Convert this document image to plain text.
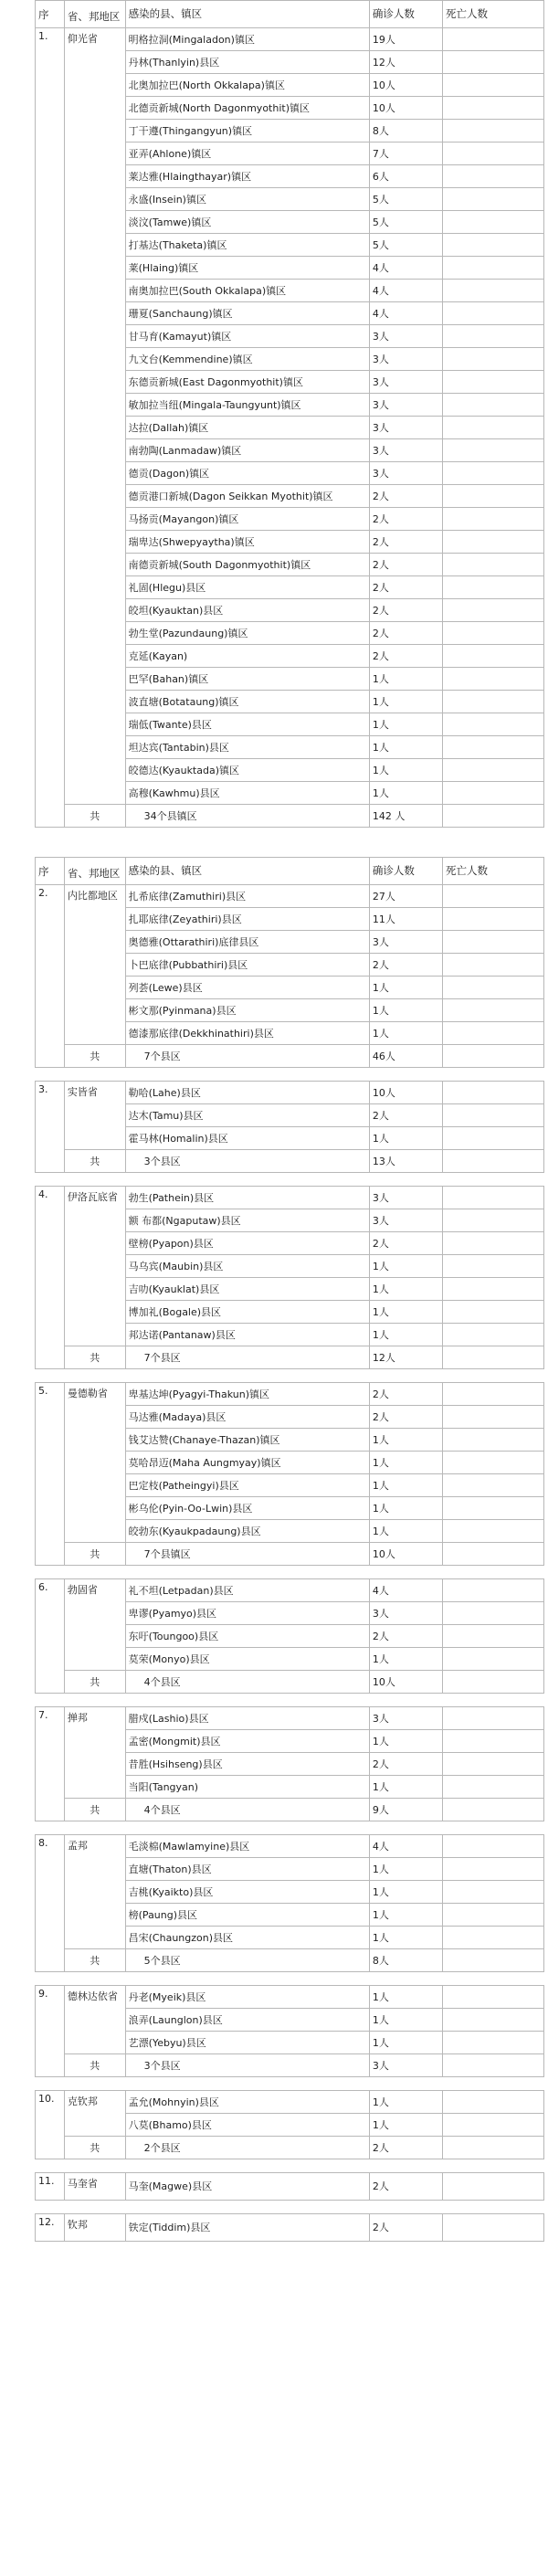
序	省、邦地区	感染的县、镇区	确诊人数	死亡人数
1.	仰光省	明格拉洞(Mingaladon)镇区	19人	
		丹林(Thanlyin)县区	12人	
		北奥加拉巴(North Okkalapa)镇区	10人	
		北德贡新城(North Dagonmyothit)镇区	10人	
		丁干遵(Thingangyun)镇区	8人	
		亚弄(Ahlone)镇区	7人	
		莱达雅(Hlaingthayar)镇区	6人	
		永盛(Insein)镇区	5人	
		淡汶(Tamwe)镇区	5人	
		打基达(Thaketa)镇区	5人	
		莱(Hlaing)镇区	4人	
		南奥加拉巴(South Okkalapa)镇区	4人	
		珊夏(Sanchaung)镇区	4人	
		甘马育(Kamayut)镇区	3人	
		九文台(Kemmendine)镇区	3人	
		东德贡新城(East Dagonmyothit)镇区	3人	
		敏加拉当纽(Mingala-Taungyunt)镇区	3人	
		达拉(Dallah)镇区	3人	
		南勃陶(Lanmadaw)镇区	3人	
		德贡(Dagon)镇区	3人	
		德贡港口新城(Dagon Seikkan Myothit)镇区	2人	
		马扬贡(Mayangon)镇区	2人	
		瑞卑达(Shwepyaytha)镇区	2人	
		南德贡新城(South Dagonmyothit)镇区	2人	
		礼固(Hlegu)县区	2人	
		皎坦(Kyauktan)县区	2人	
		勃生堂(Pazundaung)镇区	2人	
		克延(Kayan)	2人	
		巴罕(Bahan)镇区	1人	
		波直塘(Botataung)镇区	1人	
		瑞低(Twante)县区	1人	
		坦达宾(Tantabin)县区	1人	
		皎德达(Kyauktada)镇区	1人	
		高穆(Kawhmu)县区	1人	
	共	34个县镇区	142 人	
序	省、邦地区	感染的县、镇区	确诊人数	死亡人数
2.	内比都地区	扎希底律(Zamuthiri)县区	27人	
		扎耶底律(Zeyathiri)县区	11人	
		奥德雅(Ottarathiri)底律县区	3人	
		卜巴底律(Pubbathiri)县区	2人	
		列荟(Lewe)县区	1人	
		彬文那(Pyinmana)县区	1人	
		德漆那底律(Dekkhinathiri)县区	1人	
	共	7个县区	46人	

3.	实皆省	勒哈(Lahe)县区	10人	
		达木(Tamu)县区	2人	
		霍马林(Homalin)县区	1人	
	共	3个县区	13人	

4.	伊洛瓦底省	勃生(Pathein)县区	3人	
		额 布都(Ngaputaw)县区	3人	
		壁榜(Pyapon)县区	2人	
		马乌宾(Maubin)县区	1人	
		吉叻(Kyauklat)县区	1人	
		博加礼(Bogale)县区	1人	
		邦达诺(Pantanaw)县区	1人	
	共	7个县区	12人	

5.	曼德勒省	卑基达坤(Pyagyi-Thakun)镇区	2人	
		马达雅(Madaya)县区	2人	
		钱艾达赞(Chanaye-Thazan)镇区	1人	
		莫哈昂迈(Maha Aungmyay)镇区	1人	
		巴定枝(Patheingyi)县区	1人	
		彬乌伦(Pyin-Oo-Lwin)县区	1人	
		皎勃东(Kyaukpadaung)县区	1人	
	共	7个县镇区	10人	

6.	勃固省	礼不坦(Letpadan)县区	4人	
		卑谬(Pyamyo)县区	3人	
		东吁(Toungoo)县区	2人	
		莫荣(Monyo)县区	1人	
	共	4个县区	10人	

7.	掸邦	腊戍(Lashio)县区	3人	
		孟密(Mongmit)县区	1人	
		昔胜(Hsihseng)县区	2人	
		当阳(Tangyan)	1人	
	共	4个县区	9人	

8.	孟邦	毛淡棉(Mawlamyine)县区	4人	
		直塘(Thaton)县区	1人	
		吉桃(Kyaikto)县区	1人	
		榜(Paung)县区	1人	
		昌宋(Chaungzon)县区	1人	
	共	5个县区	8人	

9.	德林达依省	丹老(Myeik)县区	1人	
		浪弄(Launglon)县区	1人	
		艺漂(Yebyu)县区	1人	
	共	3个县区	3人	

10.	克钦邦	孟允(Mohnyin)县区	1人	
		八莫(Bhamo)县区	1人	
	共	2个县区	2人	

11.	马奎省	马奎(Magwe)县区	2人	

12.	钦邦	铁定(Tiddim)县区	2人	
